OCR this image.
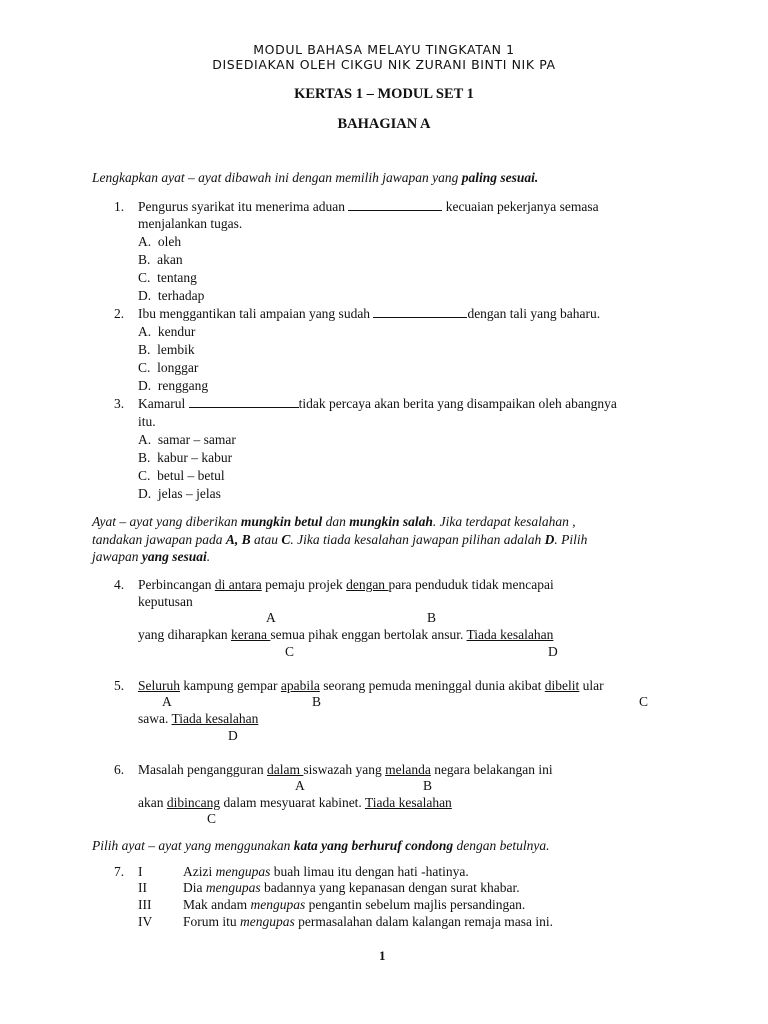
MODUL BAHASA MELAYU TINGKATAN 1
DISEDIAKAN OLEH CIKGU NIK ZURANI BINTI NIK PA
KERTAS 1 – MODUL SET 1
BAHAGIAN A
Lengkapkan ayat – ayat dibawah ini dengan memilih jawapan yang paling sesuai.
1. Pengurus syarikat itu menerima aduan	kecuaian pekerjanya semasa
menjalankan tugas.
A. oleh
B. akan
C. tentang
D. terhadap
2. Ibu menggantikan tali ampaian yang sudah	dengan tali yang baharu.
A. kendur
B. lembik
C. longgar
D. renggang
3. Kamarul	tidak percaya akan berita yang disampaikan oleh abangnya
itu.
A. samar – samar
B. kabur – kabur
C. betul – betul
D. jelas – jelas
Ayat – ayat yang diberikan mungkin betul dan mungkin salah. Jika terdapat kesalahan ,
tandakan jawapan pada A, B atau C. Jika tiada kesalahan jawapan pilihan adalah D. Pilih
jawapan yang sesuai.
4. Perbincangan di antara pemaju projek dengan para penduduk tidak mencapai
keputusan
A	B
yang diharapkan kerana semua pihak enggan bertolak ansur. Tiada kesalahan
C	D
5. Seluruh kampung gempar apabila seorang pemuda meninggal dunia akibat dibelit ular
A	B	C
sawa. Tiada kesalahan
D
6. Masalah pengangguran dalam siswazah yang melanda negara belakangan ini
A	B
akan dibincang dalam mesyuarat kabinet. Tiada kesalahan
C
Pilih ayat – ayat yang menggunakan kata yang berhuruf condong dengan betulnya.
7. I	Azizi mengupas buah limau itu dengan hati -hatinya.
II	Dia mengupas badannya yang kepanasan dengan surat khabar.
III Mak andam mengupas pengantin sebelum majlis persandingan.
IV Forum itu mengupas permasalahan dalam kalangan remaja masa ini.
1
